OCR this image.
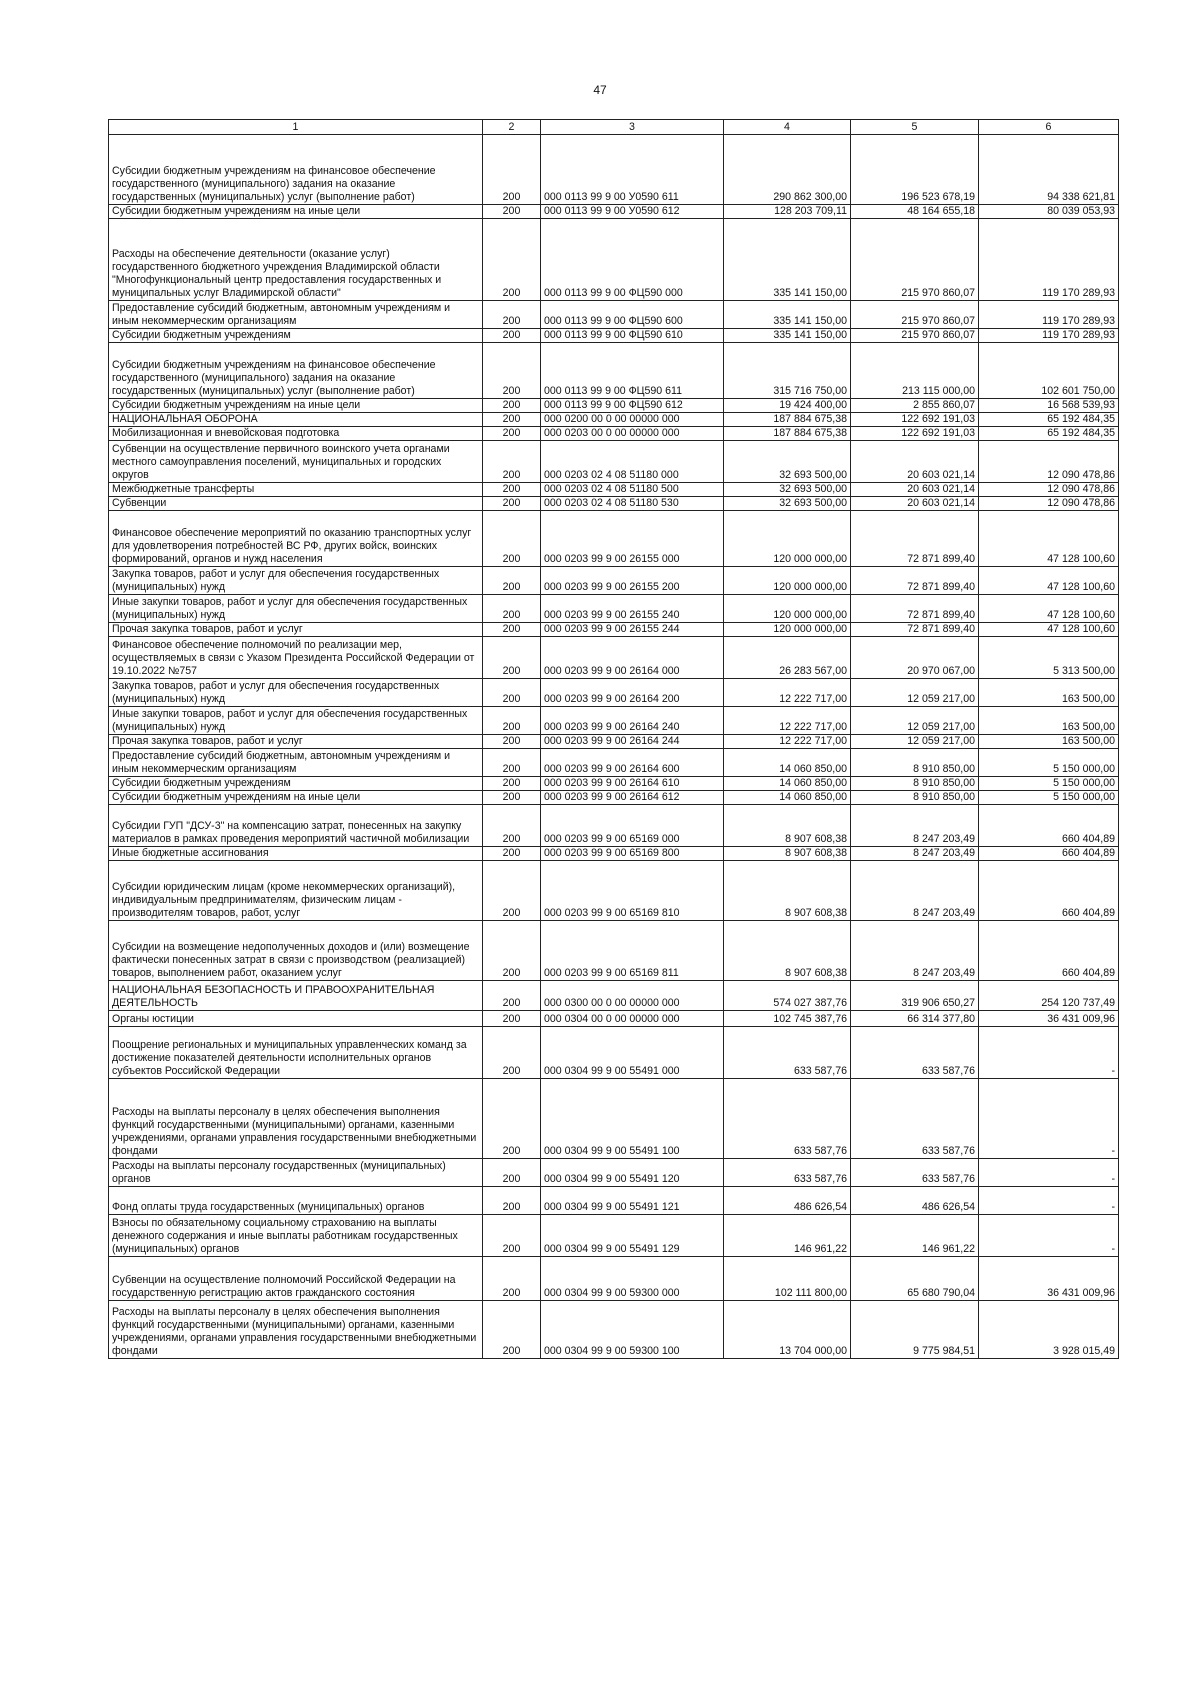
47
1	2	3	4	5	6
Субсидии бюджетным учреждениям на финансовое обеспечение государственного (муниципального) задания на оказание государственных (муниципальных) услуг (выполнение работ)	200	000 0113 99 9 00 У0590 611	290 862 300,00	196 523 678,19	94 338 621,81
Субсидии бюджетным учреждениям на иные цели	200	000 0113 99 9 00 У0590 612	128 203 709,11	48 164 655,18	80 039 053,93
Расходы на обеспечение деятельности (оказание услуг) государственного бюджетного учреждения Владимирской области "Многофункциональный центр предоставления государственных и муниципальных услуг Владимирской области"	200	000 0113 99 9 00 ФЦ590 000	335 141 150,00	215 970 860,07	119 170 289,93
Предоставление субсидий бюджетным, автономным учреждениям и иным некоммерческим организациям	200	000 0113 99 9 00 ФЦ590 600	335 141 150,00	215 970 860,07	119 170 289,93
Субсидии бюджетным учреждениям	200	000 0113 99 9 00 ФЦ590 610	335 141 150,00	215 970 860,07	119 170 289,93
Субсидии бюджетным учреждениям на финансовое обеспечение государственного (муниципального) задания на оказание государственных (муниципальных) услуг (выполнение работ)	200	000 0113 99 9 00 ФЦ590 611	315 716 750,00	213 115 000,00	102 601 750,00
Субсидии бюджетным учреждениям на иные цели	200	000 0113 99 9 00 ФЦ590 612	19 424 400,00	2 855 860,07	16 568 539,93
НАЦИОНАЛЬНАЯ ОБОРОНА	200	000 0200 00 0 00 00000 000	187 884 675,38	122 692 191,03	65 192 484,35
Мобилизационная и вневойсковая подготовка	200	000 0203 00 0 00 00000 000	187 884 675,38	122 692 191,03	65 192 484,35
Субвенции на осуществление первичного воинского учета органами местного самоуправления поселений, муниципальных и городских округов	200	000 0203 02 4 08 51180 000	32 693 500,00	20 603 021,14	12 090 478,86
Межбюджетные трансферты	200	000 0203 02 4 08 51180 500	32 693 500,00	20 603 021,14	12 090 478,86
Субвенции	200	000 0203 02 4 08 51180 530	32 693 500,00	20 603 021,14	12 090 478,86
Финансовое обеспечение мероприятий по оказанию транспортных услуг для удовлетворения потребностей ВС РФ, других войск, воинских формирований, органов и нужд населения	200	000 0203 99 9 00 26155 000	120 000 000,00	72 871 899,40	47 128 100,60
Закупка товаров, работ и услуг для обеспечения государственных (муниципальных) нужд	200	000 0203 99 9 00 26155 200	120 000 000,00	72 871 899,40	47 128 100,60
Иные закупки товаров, работ и услуг для обеспечения государственных (муниципальных) нужд	200	000 0203 99 9 00 26155 240	120 000 000,00	72 871 899,40	47 128 100,60
Прочая закупка товаров, работ и услуг	200	000 0203 99 9 00 26155 244	120 000 000,00	72 871 899,40	47 128 100,60
Финансовое обеспечение полномочий по реализации мер, осуществляемых в связи с Указом Президента Российской Федерации от 19.10.2022 №757	200	000 0203 99 9 00 26164 000	26 283 567,00	20 970 067,00	5 313 500,00
Закупка товаров, работ и услуг для обеспечения государственных (муниципальных) нужд	200	000 0203 99 9 00 26164 200	12 222 717,00	12 059 217,00	163 500,00
Иные закупки товаров, работ и услуг для обеспечения государственных (муниципальных) нужд	200	000 0203 99 9 00 26164 240	12 222 717,00	12 059 217,00	163 500,00
Прочая закупка товаров, работ и услуг	200	000 0203 99 9 00 26164 244	12 222 717,00	12 059 217,00	163 500,00
Предоставление субсидий бюджетным, автономным учреждениям и иным некоммерческим организациям	200	000 0203 99 9 00 26164 600	14 060 850,00	8 910 850,00	5 150 000,00
Субсидии бюджетным учреждениям	200	000 0203 99 9 00 26164 610	14 060 850,00	8 910 850,00	5 150 000,00
Субсидии бюджетным учреждениям на иные цели	200	000 0203 99 9 00 26164 612	14 060 850,00	8 910 850,00	5 150 000,00
Субсидии ГУП "ДСУ-3" на компенсацию затрат, понесенных на закупку материалов в рамках проведения мероприятий частичной мобилизации	200	000 0203 99 9 00 65169 000	8 907 608,38	8 247 203,49	660 404,89
Иные бюджетные ассигнования	200	000 0203 99 9 00 65169 800	8 907 608,38	8 247 203,49	660 404,89
Субсидии юридическим лицам (кроме некоммерческих организаций), индивидуальным предпринимателям, физическим лицам - производителям товаров, работ, услуг	200	000 0203 99 9 00 65169 810	8 907 608,38	8 247 203,49	660 404,89
Субсидии на возмещение недополученных доходов и (или) возмещение фактически понесенных затрат в связи с производством (реализацией) товаров, выполнением работ, оказанием услуг	200	000 0203 99 9 00 65169 811	8 907 608,38	8 247 203,49	660 404,89
НАЦИОНАЛЬНАЯ БЕЗОПАСНОСТЬ И ПРАВООХРАНИТЕЛЬНАЯ ДЕЯТЕЛЬНОСТЬ	200	000 0300 00 0 00 00000 000	574 027 387,76	319 906 650,27	254 120 737,49
Органы юстиции	200	000 0304 00 0 00 00000 000	102 745 387,76	66 314 377,80	36 431 009,96
Поощрение региональных и муниципальных управленческих команд за достижение показателей деятельности исполнительных органов субъектов Российской Федерации	200	000 0304 99 9 00 55491 000	633 587,76	633 587,76	-
Расходы на выплаты персоналу в целях обеспечения выполнения функций государственными (муниципальными) органами, казенными учреждениями, органами управления государственными внебюджетными фондами	200	000 0304 99 9 00 55491 100	633 587,76	633 587,76	-
Расходы на выплаты персоналу государственных (муниципальных) органов	200	000 0304 99 9 00 55491 120	633 587,76	633 587,76	-
Фонд оплаты труда государственных (муниципальных) органов	200	000 0304 99 9 00 55491 121	486 626,54	486 626,54	-
Взносы по обязательному социальному страхованию на выплаты денежного содержания и иные выплаты работникам государственных (муниципальных) органов	200	000 0304 99 9 00 55491 129	146 961,22	146 961,22	-
Субвенции на осуществление полномочий Российской Федерации на государственную регистрацию актов гражданского состояния	200	000 0304 99 9 00 59300 000	102 111 800,00	65 680 790,04	36 431 009,96
Расходы на выплаты персоналу в целях обеспечения выполнения функций государственными (муниципальными) органами, казенными учреждениями, органами управления государственными внебюджетными фондами	200	000 0304 99 9 00 59300 100	13 704 000,00	9 775 984,51	3 928 015,49
